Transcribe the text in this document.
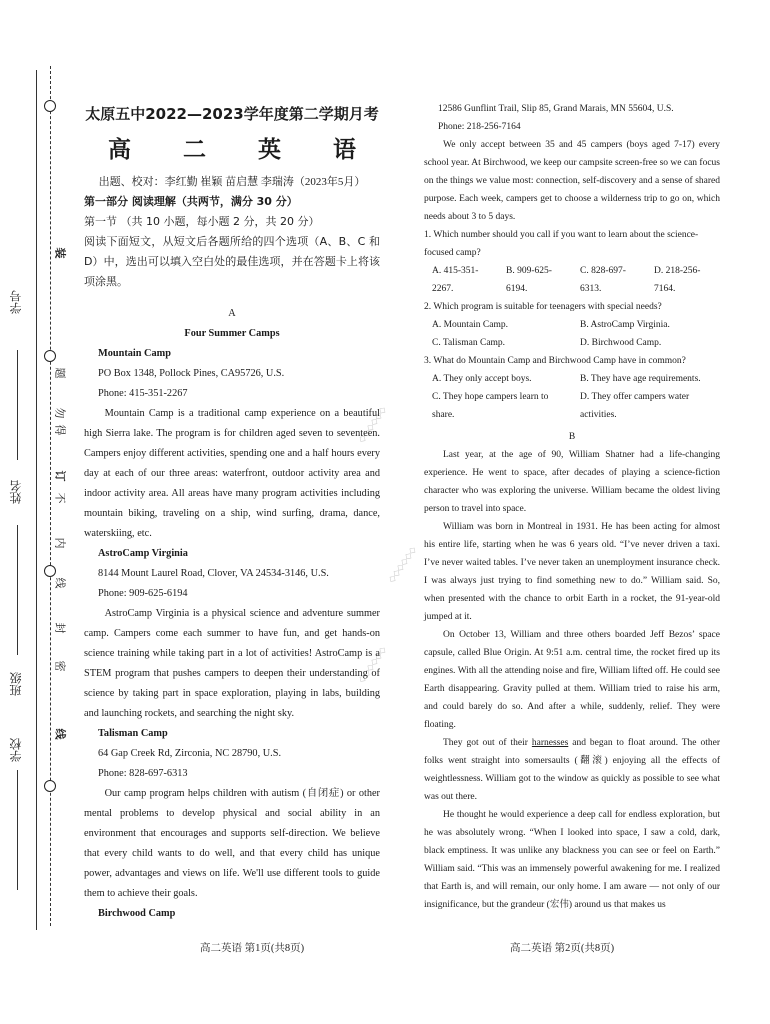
学号
姓名
班级
学校
装
题
勿
得
订
不
内
线
封
密
线
◇◇◇◇◇◇
◇◇◇◇◇◇
◇◇◇◇◇◇

太原五中2022—2023学年度第二学期月考

高 二 英 语

出题、校对：李红勤 崔颖 苗启慧 李瑞涛（2023年5月）

第一部分 阅读理解（共两节，满分 30 分）

第一节 （共 10 小题，每小题 2 分，共 20 分）

阅读下面短文，从短文后各题所给的四个选项（A、B、C 和 D）中，选出可以填入空白处的最佳选项，并在答题卡上将该项涂黑。

A

Four Summer Camps

Mountain Camp

PO Box 1348, Pollock Pines, CA95726, U.S.

Phone: 415-351-2267

Mountain Camp is a traditional camp experience on a beautiful high Sierra lake. The program is for children aged seven to seventeen. Campers enjoy different activities, spending one and a half hours every day at each of our three areas: waterfront, outdoor activity area and indoor activity area. All areas have many program activities including mountain biking, traveling on a ship, wind surfing, drama, dance, waterskiing, etc.

AstroCamp Virginia

8144 Mount Laurel Road, Clover, VA 24534-3146, U.S.

Phone: 909-625-6194

AstroCamp Virginia is a physical science and adventure summer camp. Campers come each summer to have fun, and get hands-on science training while taking part in a lot of activities! AstroCamp is a STEM program that pushes campers to deepen their understanding of science by taking part in space exploration, playing in labs, building and launching rockets, and searching the night sky.

Talisman Camp

64 Gap Creek Rd, Zirconia, NC 28790, U.S.

Phone: 828-697-6313

Our camp program helps children with autism (自闭症) or other mental problems to develop physical and social ability in an environment that encourages and supports self-direction. We believe that every child wants to do well, and that every child has unique power, advantages and views on life. We'll use different tools to guide them to achieve their goals.

Birchwood Camp

12586 Gunflint Trail, Slip 85, Grand Marais, MN 55604, U.S.

Phone: 218-256-7164

We only accept between 35 and 45 campers (boys aged 7-17) every school year. At Birchwood, we keep our campsite screen-free so we can focus on the things we value most: connection, self-discovery and a sense of shared purpose. Each week, campers get to choose a wilderness trip to go on, which needs about 3 to 5 days.

1. Which number should you call if you want to learn about the science-focused camp?

A. 415-351-2267.
B. 909-625-6194.
C. 828-697-6313.
D. 218-256-7164.

2. Which program is suitable for teenagers with special needs?

A. Mountain Camp.	B. AstroCamp Virginia.
C. Talisman Camp.	D. Birchwood Camp.

3. What do Mountain Camp and Birchwood Camp have in common?

A. They only accept boys.	B. They have age requirements.
C. They hope campers learn to share.
D. They offer campers water activities.

B

Last year, at the age of 90, William Shatner had a life-changing experience. He went to space, after decades of playing a science-fiction character who was exploring the universe. William became the oldest living person to travel into space.

William was born in Montreal in 1931. He has been acting for almost his entire life, starting when he was 6 years old. “I’ve never driven a taxi. I’ve never waited tables. I’ve never taken an unemployment insurance check. I was always just trying to find something new to do.” William said. So, when presented with the chance to orbit Earth in a rocket, the 91-year-old jumped at it.

On October 13, William and three others boarded Jeff Bezos’ space capsule, called Blue Origin. At 9:51 a.m. central time, the rocket fired up its engines. With all the attending noise and fire, William lifted off. He could see Earth disappearing. Gravity pulled at them. William tried to raise his arm, and could barely do so. And after a while, suddenly, relief. They were floating.

They got out of their harnesses and began to float around. The other folks went straight into somersaults (翻滚) enjoying all the effects of weightlessness. William got to the window as quickly as possible to see what was out there.

He thought he would experience a deep call for endless exploration, but he was absolutely wrong. “When I looked into space, I saw a cold, dark, black emptiness. It was unlike any blackness you can see or feel on Earth.” William said. “This was an immensely powerful awakening for me. I realized that Earth is, and will remain, our only home. I am aware — not only of our insignificance, but the grandeur (宏伟) around us that makes us

高二英语 第1页(共8页)	高二英语 第2页(共8页)
